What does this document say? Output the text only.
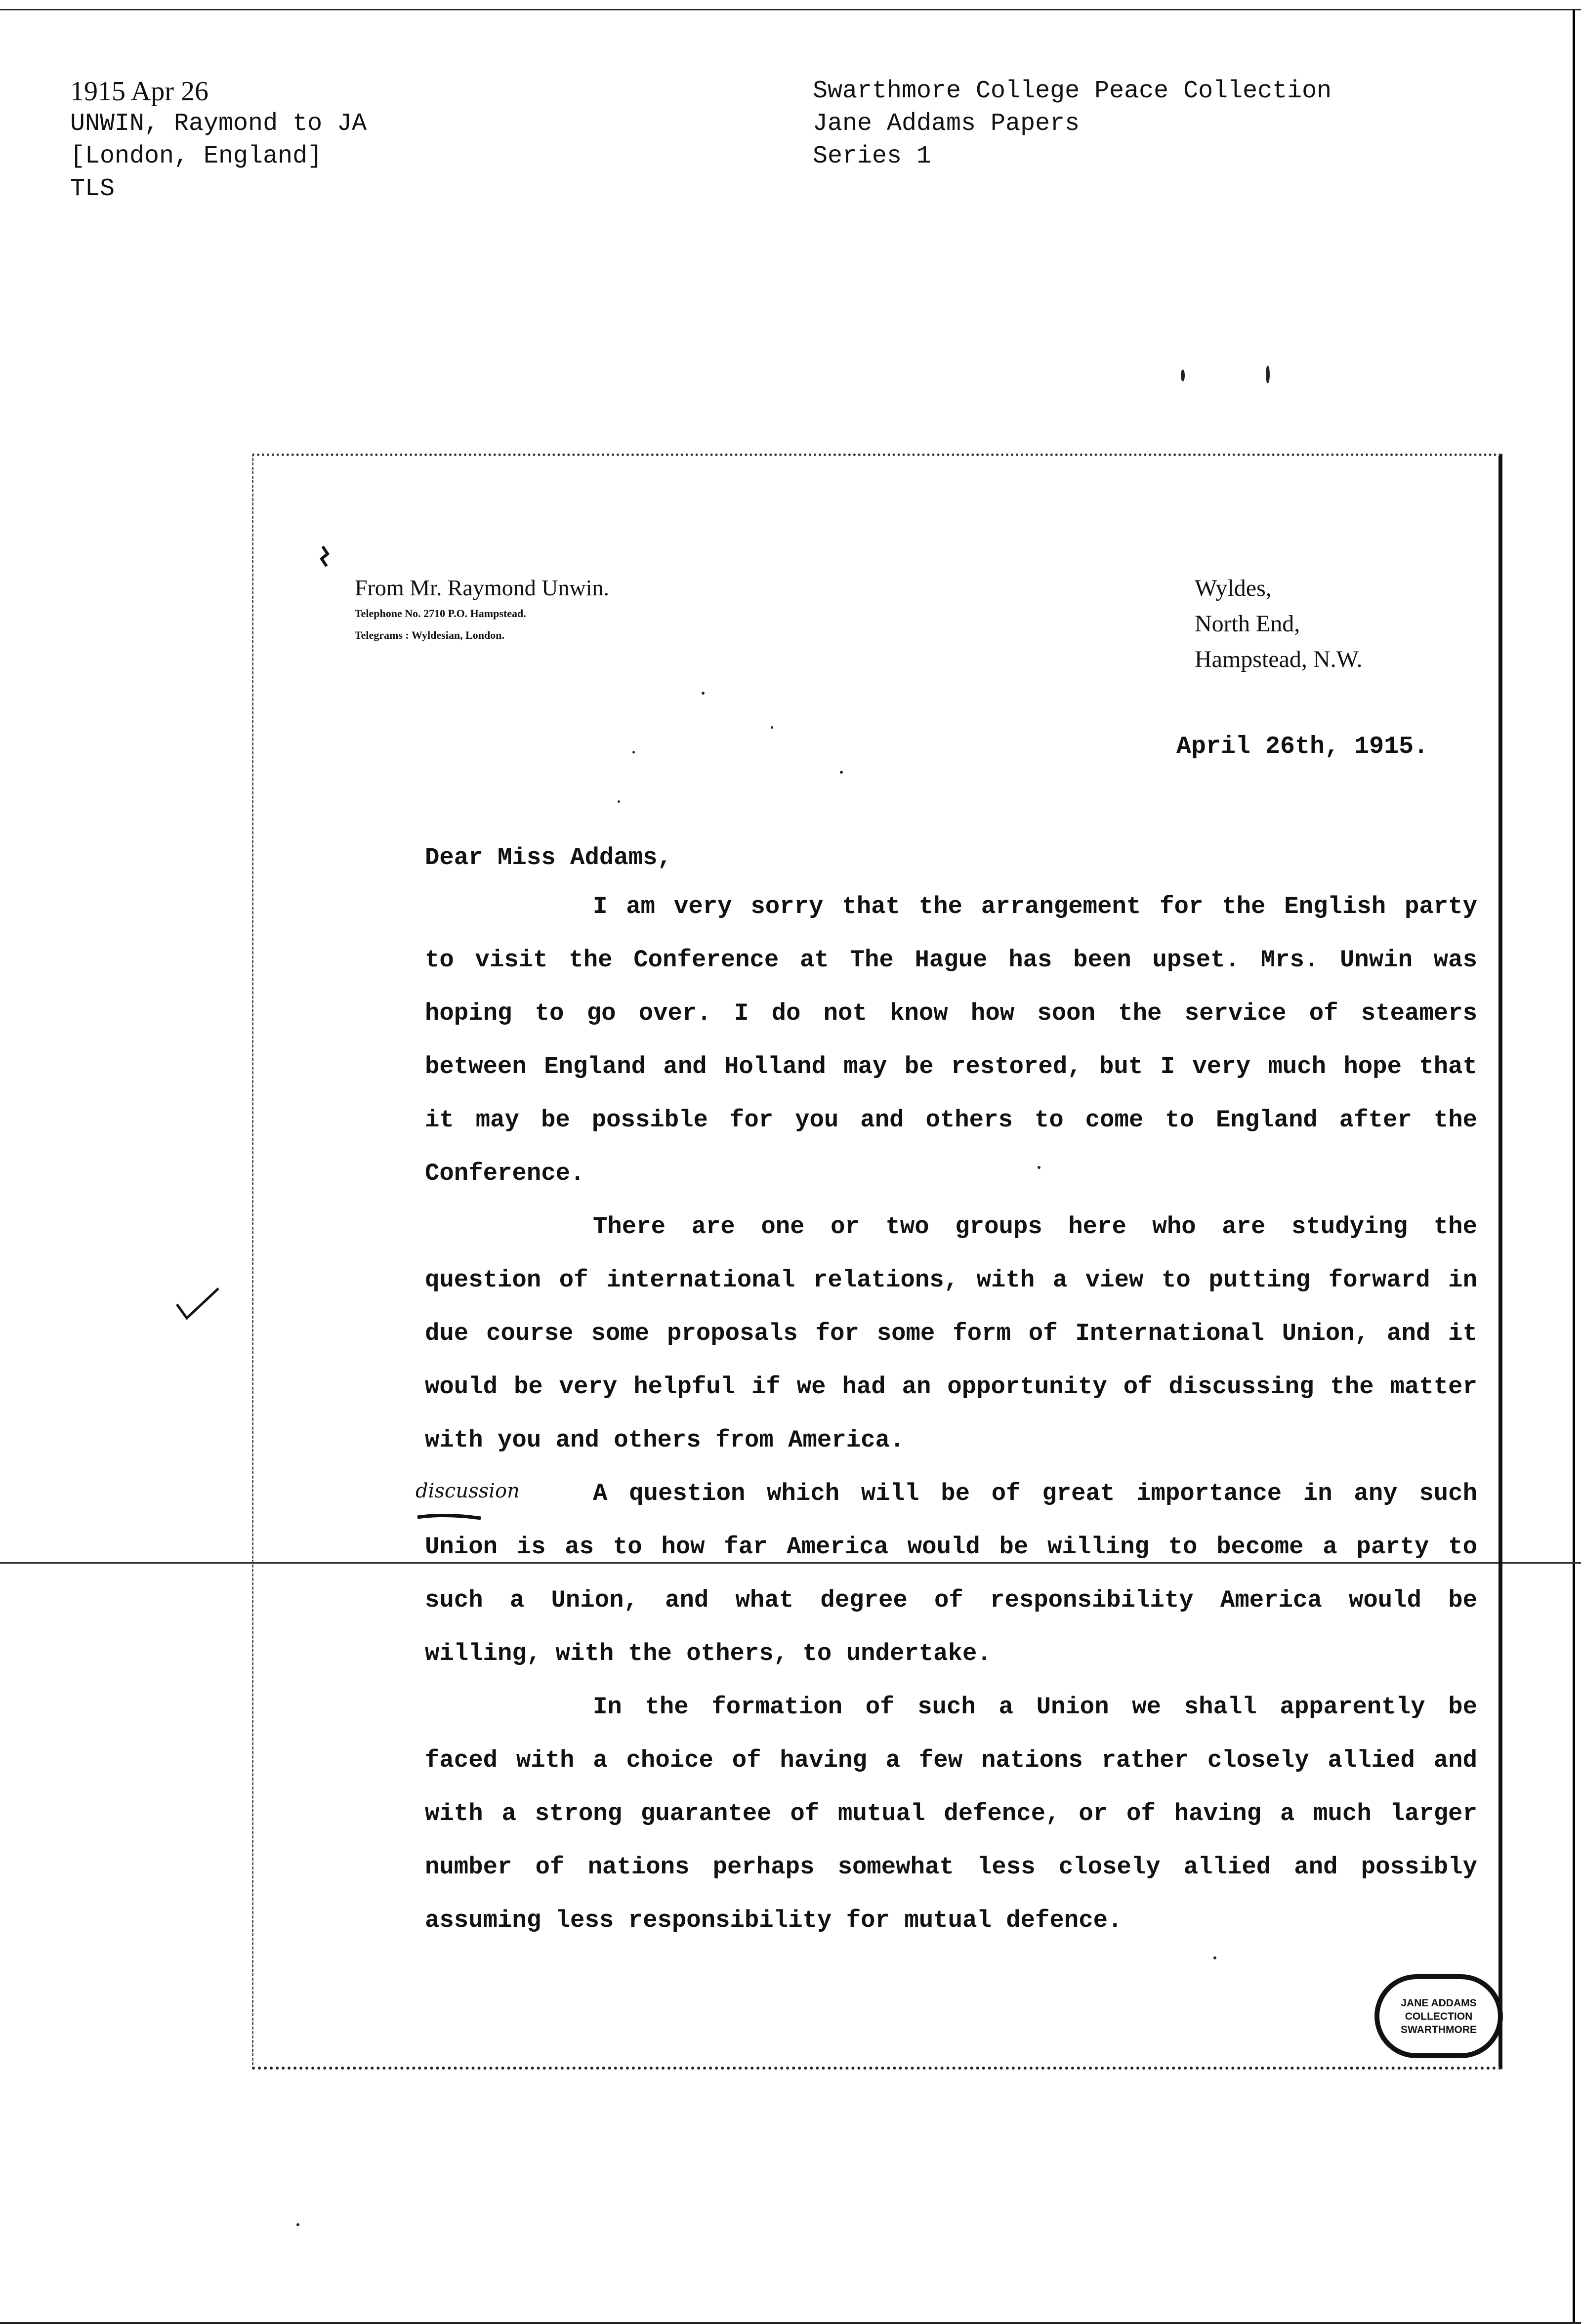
1915 Apr 26
UNWIN, Raymond to JA
[London, England]
TLS
Swarthmore College Peace Collection
Jane Addams Papers
Series 1
From Mr. Raymond Unwin.
Telephone No. 2710 P.O. Hampstead.
Telegrams : Wyldesian, London.
Wyldes,
North End,
Hampstead, N.W.
April 26th, 1915.
Dear Miss Addams,

I am very sorry that the arrangement for the English party to visit the Conference at The Hague has been upset. Mrs. Unwin was hoping to go over. I do not know how soon the service of steamers between England and Holland may be restored, but I very much hope that it may be possible for you and others to come to England after the Conference.

There are one or two groups here who are studying the question of international relations, with a view to putting forward in due course some proposals for some form of International Union, and it would be very helpful if we had an opportunity of discussing the matter with you and others from America.

A question which will be of great importance in any such Union is as to how far America would be willing to become a party to such a Union, and what degree of responsibility America would be willing, with the others, to undertake.

In the formation of such a Union we shall apparently be faced with a choice of having a few nations rather closely allied and with a strong guarantee of mutual defence, or of having a much larger number of nations perhaps somewhat less closely allied and possibly assuming less responsibility for mutual defence.

discussion
JANE ADDAMS
COLLECTION
SWARTHMORE
